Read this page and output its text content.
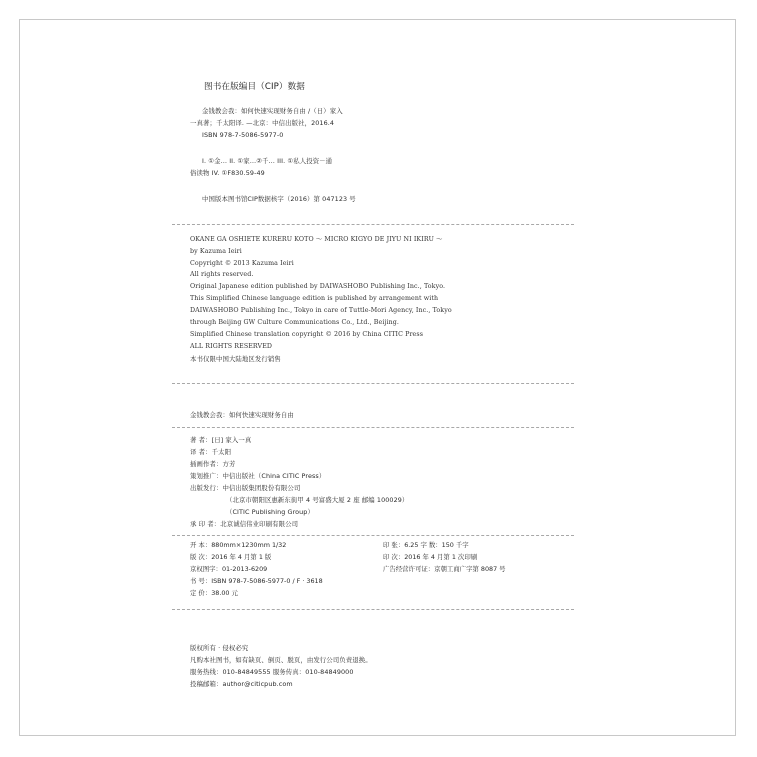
图书在版编目（CIP）数据
金钱教会我：如何快速实现财务自由 /（日）家入
一真著；千太阳译. —北京：中信出版社，2016.4
ISBN 978-7-5086-5977-0
I. ①金… II. ①家…②千… III. ①私人投资－通
俗读物 IV. ①F830.59-49
中国版本图书馆CIP数据核字（2016）第 047123 号
OKANE GA OSHIETE KURERU KOTO ～ MICRO KIGYO DE JIYU NI IKIRU ～
by Kazuma Ieiri
Copyright © 2013 Kazuma Ieiri
All rights reserved.
Original Japanese edition published by DAIWASHOBO Publishing Inc., Tokyo.
This Simplified Chinese language edition is published by arrangement with
DAIWASHOBO Publishing Inc., Tokyo in care of Tuttle-Mori Agency, Inc., Tokyo
through Beijing GW Culture Communications Co., Ltd., Beijing.
Simplified Chinese translation copyright © 2016 by China CITIC Press
ALL RIGHTS RESERVED
本书仅限中国大陆地区发行销售
金钱教会我：如何快速实现财务自由
著 者：[日] 家入一真
译 者：千太阳
插画作者：方芳
策划推广：中信出版社（China CITIC Press）
出版发行：中信出版集团股份有限公司
（北京市朝阳区惠新东街甲 4 号富盛大厦 2 座 邮编 100029）
（CITIC Publishing Group）
承 印 者：北京诚信伟业印刷有限公司
开 本：880mm×1230mm 1/32
版 次：2016 年 4 月第 1 版
京权图字：01-2013-6209
书 号：ISBN 978-7-5086-5977-0 / F · 3618
定 价：38.00 元
印 张：6.25 字 数：150 千字
印 次：2016 年 4 月第 1 次印刷
广告经营许可证：京朝工商广字第 8087 号
版权所有 · 侵权必究
凡购本社图书，如有缺页、倒页、脱页，由发行公司负责退换。
服务热线：010-84849555 服务传真：010-84849000
投稿邮箱：author@citicpub.com
